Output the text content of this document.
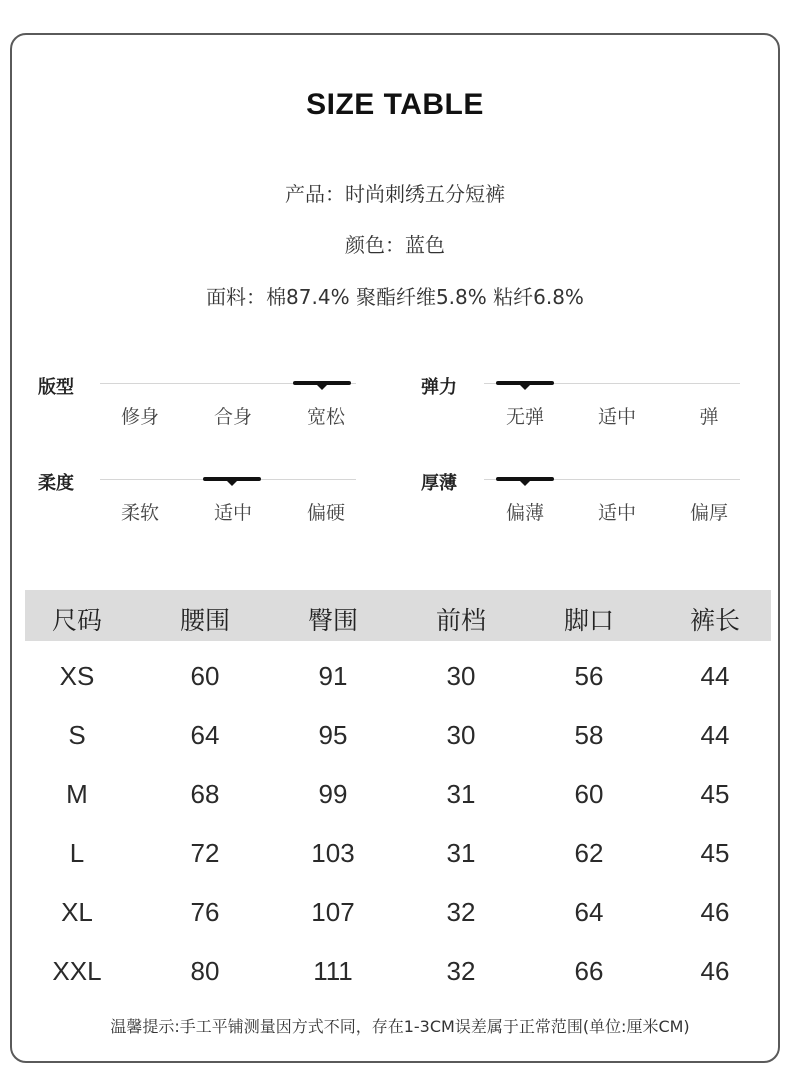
SIZE TABLE
产品：时尚刺绣五分短裤
颜色：蓝色
面料：棉87.4% 聚酯纤维5.8% 粘纤6.8%
版型
修身	合身	宽松
弹力
无弹	适中	弹
柔度
柔软	适中	偏硬
厚薄
偏薄	适中	偏厚
尺码	腰围	臀围	前档	脚口	裤长
XS	60	91	30	56	44
S	64	95	30	58	44
M	68	99	31	60	45
L	72	103	31	62	45
XL	76	107	32	64	46
XXL	80	111	32	66	46
温馨提示:手工平铺测量因方式不同，存在1-3CM误差属于正常范围(单位:厘米CM)
